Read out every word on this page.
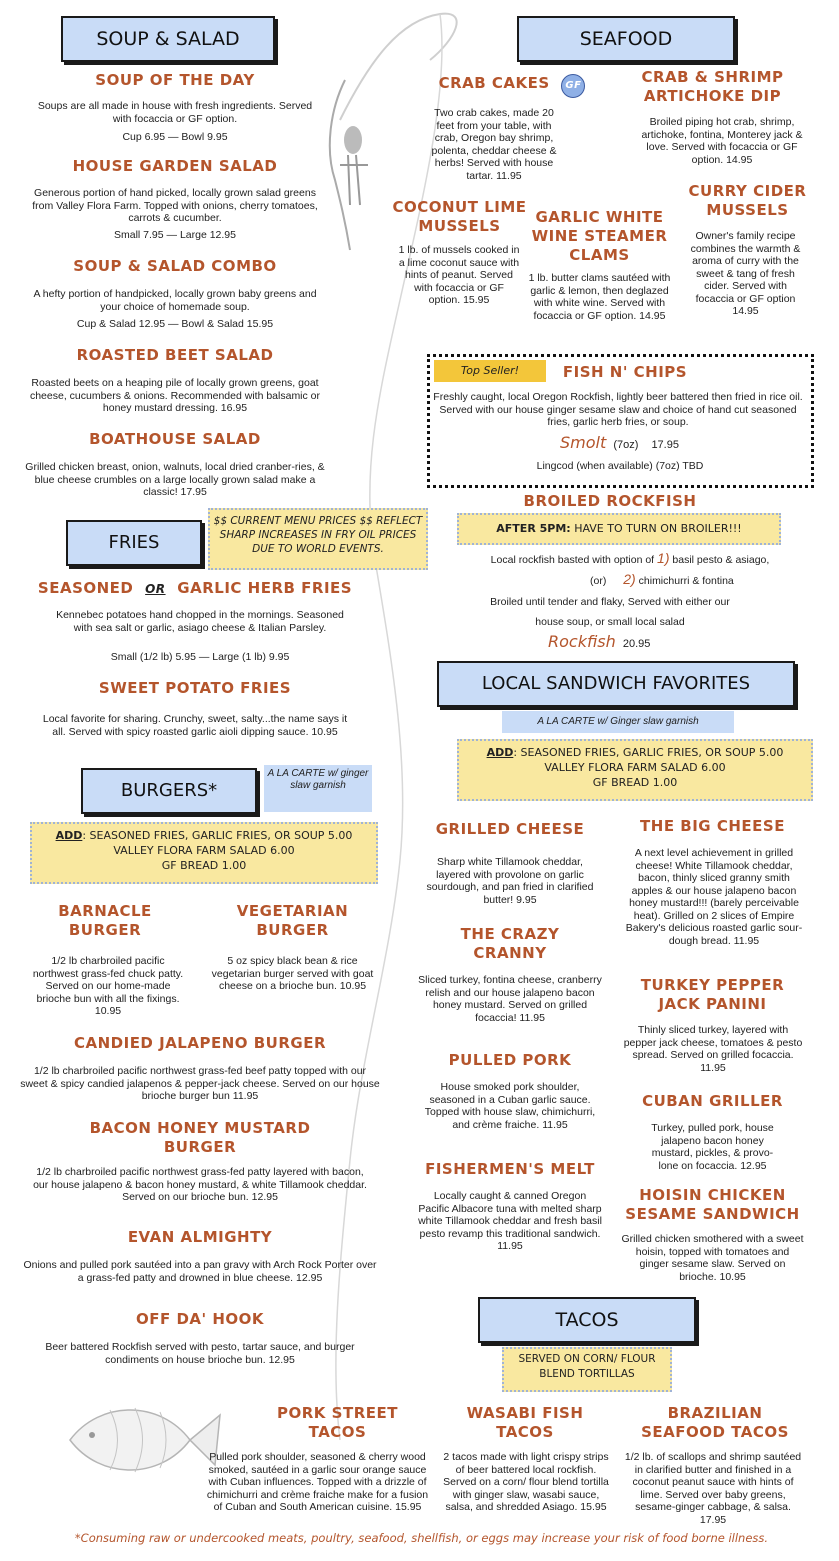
SOUP & SALAD
SOUP OF THE DAY
Soups are all made in house with fresh ingredients. Served with focaccia or GF option.
Cup 6.95 — Bowl 9.95
HOUSE GARDEN SALAD
Generous portion of hand picked, locally grown salad greens from Valley Flora Farm. Topped with onions, cherry tomatoes, carrots & cucumber.
Small 7.95 — Large 12.95
SOUP & SALAD COMBO
A hefty portion of handpicked, locally grown baby greens and your choice of homemade soup.
Cup & Salad 12.95 — Bowl & Salad 15.95
ROASTED BEET SALAD
Roasted beets on a heaping pile of locally grown greens, goat cheese, cucumbers & onions. Recommended with balsamic or honey mustard dressing. 16.95
BOATHOUSE SALAD
Grilled chicken breast, onion, walnuts, local dried cranber-ries, & blue cheese crumbles on a large locally grown salad make a classic! 17.95
FRIES
$$ CURRENT MENU PRICES $$ REFLECT SHARP INCREASES IN FRY OIL PRICES DUE TO WORLD EVENTS.
SEASONED OR GARLIC HERB FRIES
Kennebec potatoes hand chopped in the mornings. Seasoned with sea salt or garlic, asiago cheese & Italian Parsley.
Small (1/2 lb) 5.95 — Large (1 lb) 9.95
SWEET POTATO FRIES
Local favorite for sharing. Crunchy, sweet, salty...the name says it all. Served with spicy roasted garlic aioli dipping sauce. 10.95
BURGERS*
A LA CARTE w/ ginger slaw garnish
ADD: SEASONED FRIES, GARLIC FRIES, OR SOUP 5.00
VALLEY FLORA FARM SALAD 6.00
GF BREAD 1.00
BARNACLE BURGER
1/2 lb charbroiled pacific northwest grass-fed chuck patty. Served on our home-made brioche bun with all the fixings. 10.95
VEGETARIAN BURGER
5 oz spicy black bean & rice vegetarian burger served with goat cheese on a brioche bun. 10.95
CANDIED JALAPENO BURGER
1/2 lb charbroiled pacific northwest grass-fed beef patty topped with our sweet & spicy candied jalapenos & pepper-jack cheese. Served on our house brioche burger bun 11.95
BACON HONEY MUSTARD BURGER
1/2 lb charbroiled pacific northwest grass-fed patty layered with bacon, our house jalapeno & bacon honey mustard, & white Tillamook cheddar. Served on our brioche bun. 12.95
EVAN ALMIGHTY
Onions and pulled pork sautéed into a pan gravy with Arch Rock Porter over a grass-fed patty and drowned in blue cheese. 12.95
OFF DA' HOOK
Beer battered Rockfish served with pesto, tartar sauce, and burger condiments on house brioche bun. 12.95
SEAFOOD
CRAB CAKES GF
Two crab cakes, made 20 feet from your table, with crab, Oregon bay shrimp, polenta, cheddar cheese & herbs! Served with house tartar. 11.95
CRAB & SHRIMP ARTICHOKE DIP
Broiled piping hot crab, shrimp, artichoke, fontina, Monterey jack & love. Served with focaccia or GF option. 14.95
COCONUT LIME MUSSELS
1 lb. of mussels cooked in a lime coconut sauce with hints of peanut. Served with focaccia or GF option. 15.95
GARLIC WHITE WINE STEAMER CLAMS
1 lb. butter clams sautéed with garlic & lemon, then deglazed with white wine. Served with focaccia or GF option. 14.95
CURRY CIDER MUSSELS
Owner's family recipe combines the warmth & aroma of curry with the sweet & tang of fresh cider. Served with focaccia or GF option 14.95
Top Seller!	FISH N' CHIPS
Freshly caught, local Oregon Rockfish, lightly beer battered then fried in rice oil. Served with our house ginger sesame slaw and choice of hand cut seasoned fries, garlic herb fries, or soup.
Smolt (7oz) 17.95
Lingcod (when available) (7oz) TBD
BROILED ROCKFISH
AFTER 5PM: HAVE TO TURN ON BROILER!!!
Local rockfish basted with option of 1) basil pesto & asiago,
(or) 2) chimichurri & fontina
Broiled until tender and flaky, Served with either our house soup, or small local salad
Rockfish 20.95
LOCAL SANDWICH FAVORITES
A LA CARTE w/ Ginger slaw garnish
ADD: SEASONED FRIES, GARLIC FRIES, OR SOUP 5.00
VALLEY FLORA FARM SALAD 6.00
GF BREAD 1.00
GRILLED CHEESE
Sharp white Tillamook cheddar, layered with provolone on garlic sourdough, and pan fried in clarified butter! 9.95
THE BIG CHEESE
A next level achievement in grilled cheese! White Tillamook cheddar, bacon, thinly sliced granny smith apples & our house jalapeno bacon honey mustard!!! (barely perceivable heat). Grilled on 2 slices of Empire Bakery's delicious roasted garlic sour-dough bread. 11.95
THE CRAZY CRANNY
Sliced turkey, fontina cheese, cranberry relish and our house jalapeno bacon honey mustard. Served on grilled focaccia! 11.95
TURKEY PEPPER JACK PANINI
Thinly sliced turkey, layered with pepper jack cheese, tomatoes & pesto spread. Served on grilled focaccia. 11.95
PULLED PORK
House smoked pork shoulder, seasoned in a Cuban garlic sauce. Topped with house slaw, chimichurri, and crème fraiche. 11.95
CUBAN GRILLER
Turkey, pulled pork, house jalapeno bacon honey mustard, pickles, & provo-lone on focaccia. 12.95
FISHERMEN'S MELT
Locally caught & canned Oregon Pacific Albacore tuna with melted sharp white Tillamook cheddar and fresh basil pesto revamp this traditional sandwich. 11.95
HOISIN CHICKEN SESAME SANDWICH
Grilled chicken smothered with a sweet hoisin, topped with tomatoes and ginger sesame slaw. Served on brioche. 10.95
TACOS
SERVED ON CORN/ FLOUR BLEND TORTILLAS
PORK STREET TACOS
Pulled pork shoulder, seasoned & cherry wood smoked, sautéed in a garlic sour orange sauce with Cuban influences. Topped with a drizzle of chimichurri and crème fraiche make for a fusion of Cuban and South American cuisine. 15.95
WASABI FISH TACOS
2 tacos made with light crispy strips of beer battered local rockfish. Served on a corn/ flour blend tortilla with ginger slaw, wasabi sauce, salsa, and shredded Asiago. 15.95
BRAZILIAN SEAFOOD TACOS
1/2 lb. of scallops and shrimp sautéed in clarified butter and finished in a coconut peanut sauce with hints of lime. Served over baby greens, sesame-ginger cabbage, & salsa. 17.95
*Consuming raw or undercooked meats, poultry, seafood, shellfish, or eggs may increase your risk of food borne illness.
